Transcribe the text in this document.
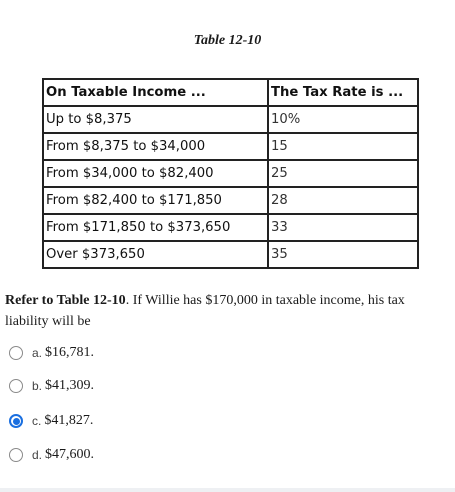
Table 12-10
On Taxable Income ...	The Tax Rate is ...
Up to $8,375	10%
From $8,375 to $34,000	15
From $34,000 to $82,400	25
From $82,400 to $171,850	28
From $171,850 to $373,650	33
Over $373,650	35
Refer to Table 12-10. If Willie has $170,000 in taxable income, his tax liability will be
a. $16,781.
b. $41,309.
c. $41,827.
d. $47,600.
